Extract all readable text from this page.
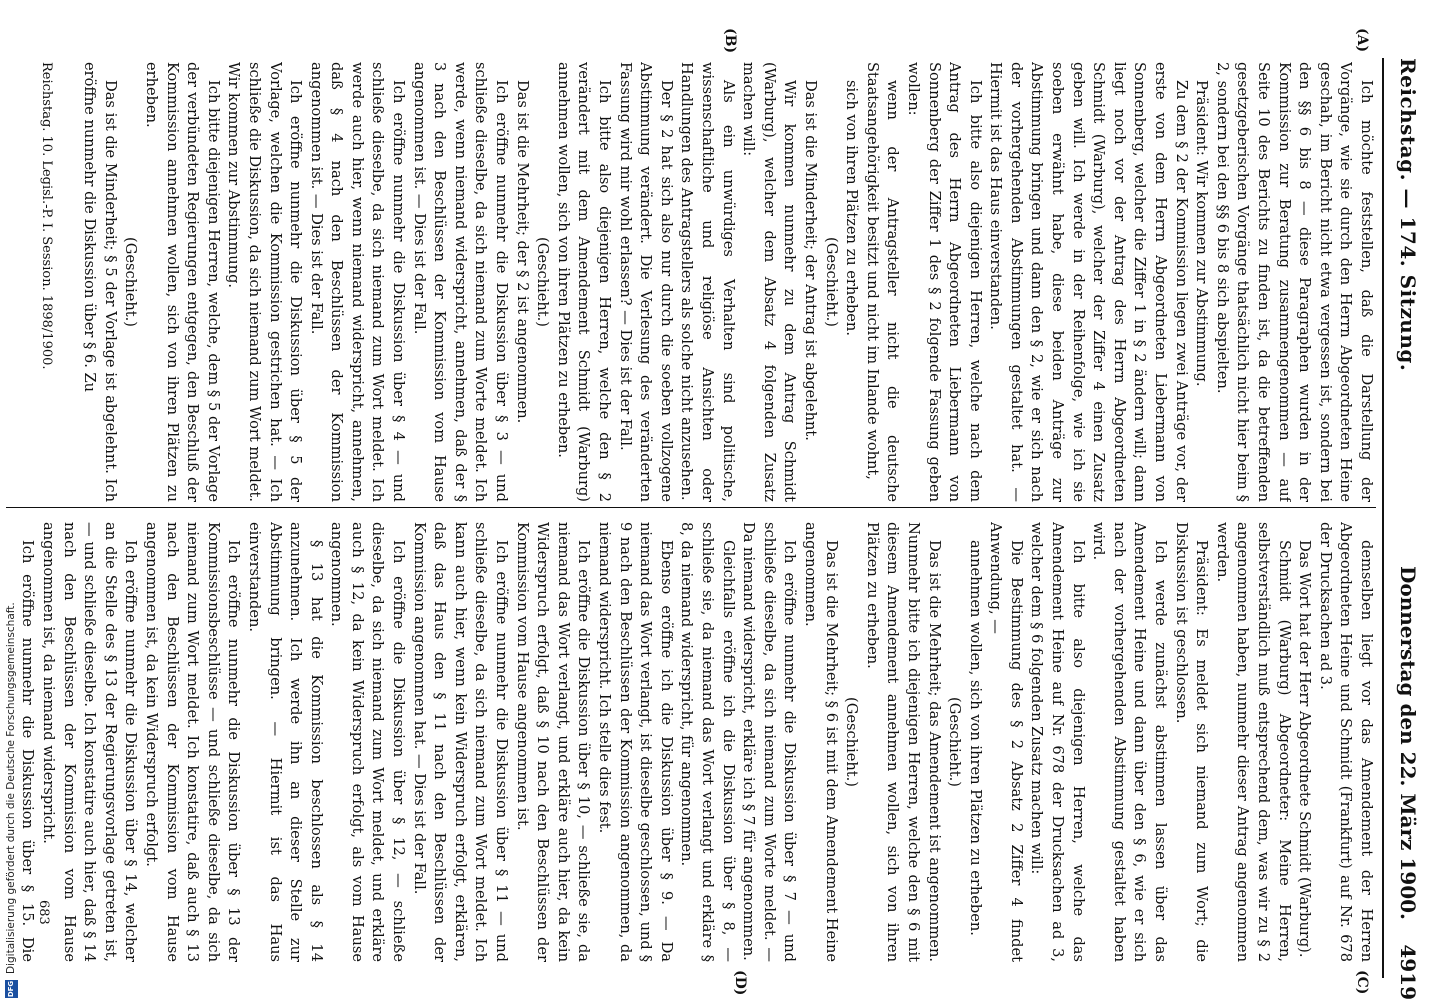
Reichstag. — 174. Sitzung.
Donnerstag den 22. März 1900.
4919
(A)
(B)
(C)
(D)

Ich möchte feststellen, daß die Darstellung der Vorgänge, wie sie durch den Herrn Abgeordneten Heine geschah, im Bericht nicht etwa vergessen ist, sondern bei den §§ 6 bis 8 — diese Paragraphen wurden in der Kommission zur Beratung zusammengenommen — auf Seite 10 des Berichts zu finden ist, da die betreffenden gesetzgeberischen Vorgänge thatsächlich nicht hier beim § 2, sondern bei den §§ 6 bis 8 sich abspielten.

Präsident: Wir kommen zur Abstimmung.

Zu dem § 2 der Kommission liegen zwei Anträge vor, der erste von dem Herrn Abgeordneten Liebermann von Sonnenberg, welcher die Ziffer 1 in § 2 ändern will; dann liegt noch vor der Antrag des Herrn Abgeordneten Schmidt (Warburg), welcher der Ziffer 4 einen Zusatz geben will. Ich werde in der Reihenfolge, wie ich sie soeben erwähnt habe, diese beiden Anträge zur Abstimmung bringen und dann den § 2, wie er sich nach der vorhergehenden Abstimmungen gestaltet hat. — Hiermit ist das Haus einverstanden.

Ich bitte also diejenigen Herren, welche nach dem Antrag des Herrn Abgeordneten Liebermann von Sonnenberg der Ziffer 1 des § 2 folgende Fassung geben wollen:

wenn der Antragsteller nicht die deutsche Staatsangehörigkeit besitzt und nicht im Inlande wohnt,

sich von ihren Plätzen zu erheben.

(Geschieht.)

Das ist die Minderheit; der Antrag ist abgelehnt.

Wir kommen nunmehr zu dem Antrag Schmidt (Warburg), welcher dem Absatz 4 folgenden Zusatz machen will:

Als ein unwürdiges Verhalten sind politische, wissenschaftliche und religiöse Ansichten oder Handlungen des Antragstellers als solche nicht anzusehen.

Der § 2 hat sich also nur durch die soeben vollzogene Abstimmung verändert. Die Verlesung des veränderten Fassung wird mir wohl erlassen? — Dies ist der Fall.

Ich bitte also diejenigen Herren, welche den § 2 verändert mit dem Amendement Schmidt (Warburg) annehmen wollen, sich von ihren Plätzen zu erheben.

(Geschieht.)

Das ist die Mehrheit; der § 2 ist angenommen.

Ich eröffne nunmehr die Diskussion über § 3 — und schließe dieselbe, da sich niemand zum Worte meldet. Ich werde, wenn niemand widerspricht, annehmen, daß der § 3 nach den Beschlüssen der Kommission vom Hause angenommen ist. — Dies ist der Fall.

Ich eröffne nunmehr die Diskussion über § 4 — und schließe dieselbe, da sich niemand zum Wort meldet. Ich werde auch hier, wenn niemand widerspricht, annehmen, daß § 4 nach den Beschlüssen der Kommission angenommen ist. — Dies ist der Fall.

Ich eröffne nunmehr die Diskussion über § 5 der Vorlage, welchen die Kommission gestrichen hat. — Ich schließe die Diskussion, da sich niemand zum Wort meldet. Wir kommen zur Abstimmung.

Ich bitte diejenigen Herren, welche, dem § 5 der Vorlage der verbündeten Regierungen entgegen, den Beschluß der Kommission annehmen wollen, sich von ihren Plätzen zu erheben.

(Geschieht.)

Das ist die Minderheit; § 5 der Vorlage ist abgelehnt. Ich eröffne nunmehr die Diskussion über § 6. Zu

demselben liegt vor das Amendement der Herren Abgeordneten Heine und Schmidt (Frankfurt) auf Nr. 678 der Drucksachen ad 3.

Das Wort hat der Herr Abgeordnete Schmidt (Warburg).

Schmidt (Warburg) Abgeordneter: Meine Herren, selbstverständlich muß entsprechend dem, was wir zu § 2 angenommen haben, nunmehr dieser Antrag angenommen werden.

Präsident: Es meldet sich niemand zum Wort; die Diskussion ist geschlossen.

Ich werde zunächst abstimmen lassen über das Amendement Heine und dann über den § 6, wie er sich nach der vorhergehenden Abstimmung gestaltet haben wird.

Ich bitte also diejenigen Herren, welche das Amendement Heine auf Nr. 678 der Drucksachen ad 3, welcher dem § 6 folgenden Zusatz machen will:

Die Bestimmung des § 2 Absatz 2 Ziffer 4 findet Anwendung, —

annehmen wollen, sich von ihren Plätzen zu erheben.

(Geschieht.)

Das ist die Mehrheit; das Amendement ist angenommen. Nunmehr bitte ich diejenigen Herren, welche den § 6 mit diesem Amendement annehmen wollen, sich von ihren Plätzen zu erheben.

(Geschieht.)

Das ist die Mehrheit; § 6 ist mit dem Amendement Heine angenommen.

Ich eröffne nunmehr die Diskussion über § 7 — und schließe dieselbe, da sich niemand zum Worte meldet. — Da niemand widerspricht, erkläre ich § 7 für angenommen.

Gleichfalls eröffne ich die Diskussion über § 8, — schließe sie, da niemand das Wort verlangt und erkläre § 8, da niemand widerspricht, für angenommen.

Ebenso eröffne ich die Diskussion über § 9. — Da niemand das Wort verlangt, ist dieselbe geschlossen, und § 9 nach den Beschlüssen der Kommission angenommen, da niemand widerspricht. Ich stelle dies fest.

Ich eröffne die Diskussion über § 10, — schließe sie, da niemand das Wort verlangt, und erkläre auch hier, da kein Widerspruch erfolgt, daß § 10 nach den Beschlüssen der Kommission vom Hause angenommen ist.

Ich eröffne nunmehr die Diskussion über § 11 — und schließe dieselbe, da sich niemand zum Wort meldet. Ich kann auch hier, wenn kein Widerspruch erfolgt, erklären, daß das Haus den § 11 nach den Beschlüssen der Kommission angenommen hat. — Dies ist der Fall.

Ich eröffne die Diskussion über § 12, — schließe dieselbe, da sich niemand zum Wort meldet, und erkläre auch § 12, da kein Widerspruch erfolgt, als vom Hause angenommen.

§ 13 hat die Kommission beschlossen als § 14 anzunehmen. Ich werde ihn an dieser Stelle zur Abstimmung bringen. — Hiermit ist das Haus einverstanden.

Ich eröffne nunmehr die Diskussion über § 13 der Kommissionsbeschlüsse — und schließe dieselbe, da sich niemand zum Wort meldet. Ich konstatire, daß auch § 13 nach den Beschlüssen der Kommission vom Hause angenommen ist, da kein Widerspruch erfolgt.

Ich eröffne nunmehr die Diskussion über § 14, welcher an die Stelle des § 13 der Regierungsvorlage getreten ist, — und schließe dieselbe. Ich konstatire auch hier, daß § 14 nach den Beschlüssen der Kommission vom Hause angenommen ist, da niemand widerspricht.

Ich eröffne nunmehr die Diskussion über § 15. Die

Reichstag. 10. Legisl.-P. I. Session. 1898/1900.
683
DFG
Digitalisierung gefördert durch die Deutsche Forschungsgemeinschaft.
